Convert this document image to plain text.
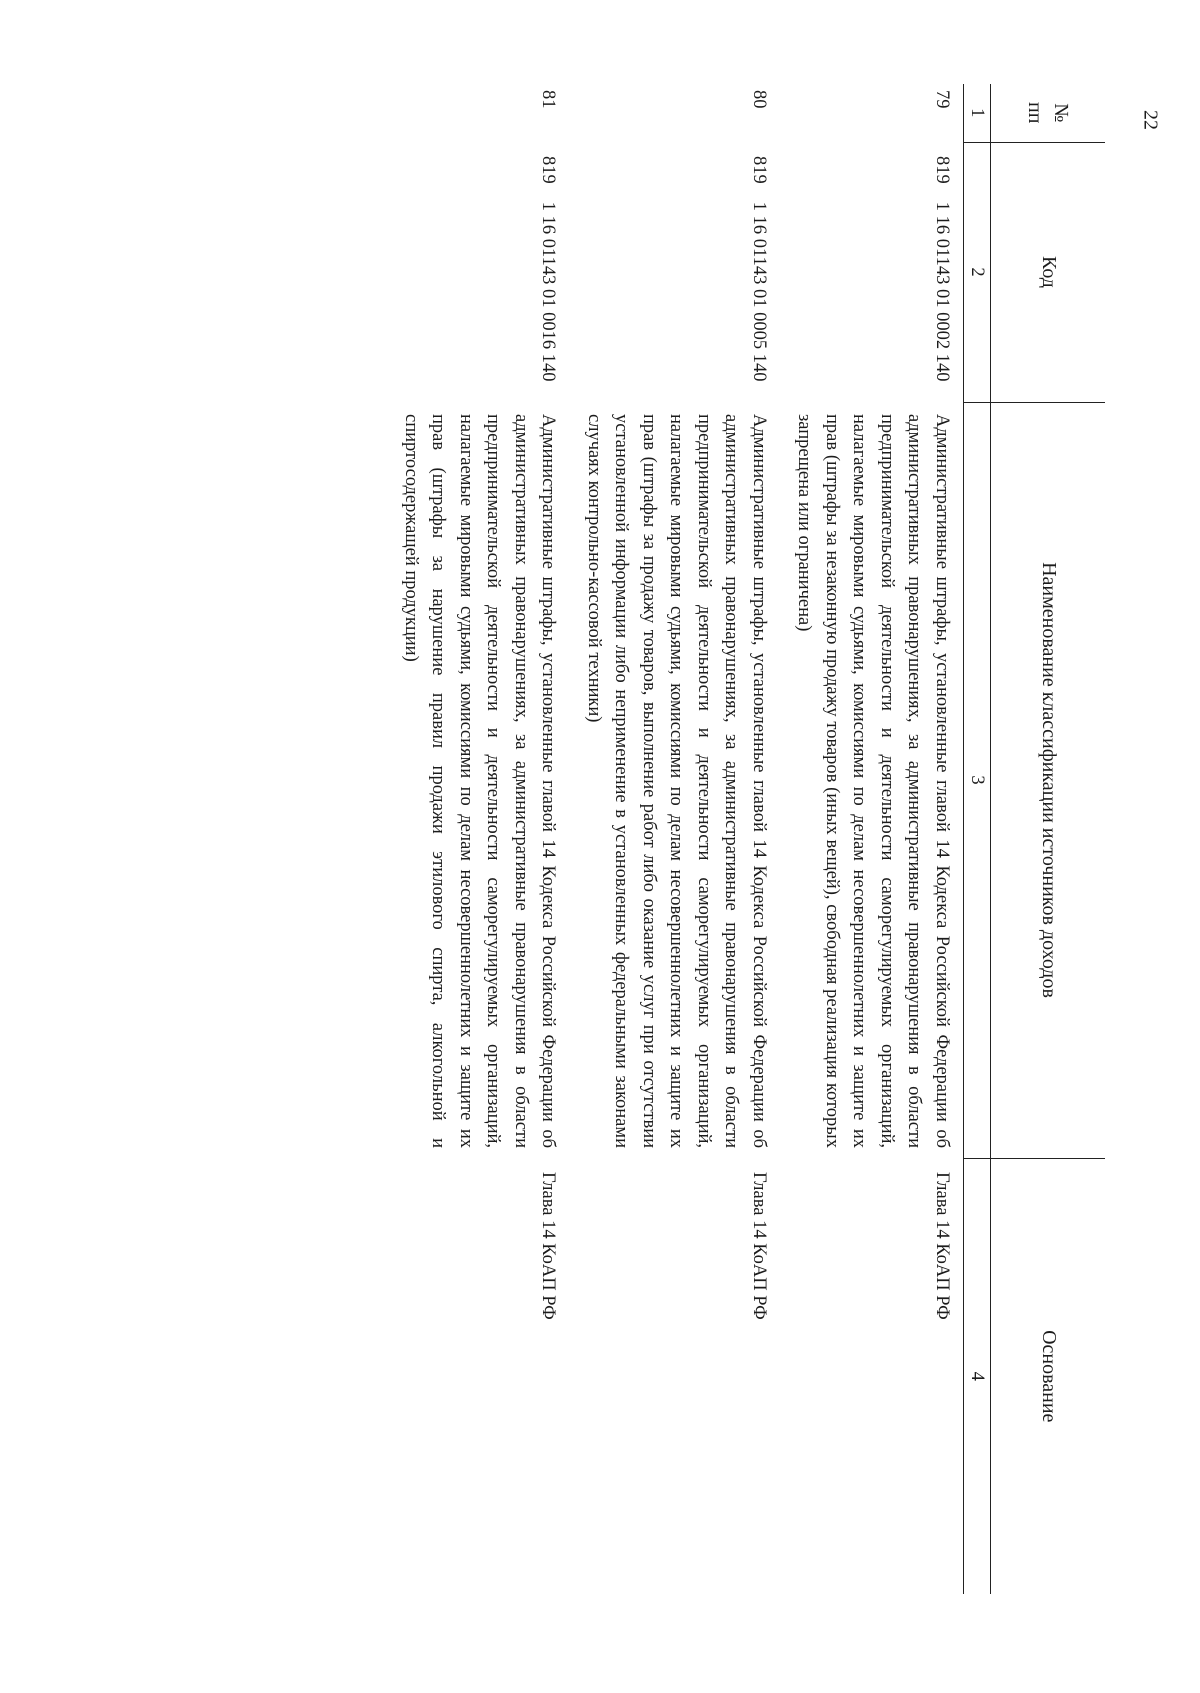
22
№
пп	Код	Наименование классификации источников доходов	Основание
1	2	3	4
79	8191 16 01143 01 0002 140	Административные штрафы, установленные главой 14 Кодекса Российской Федерации об административных правонарушениях, за административные правонарушения в области предпринимательской деятельности и деятельности саморегулируемых организаций, налагаемые мировыми судьями, комиссиями по делам несовершеннолетних и защите их прав (штрафы за незаконную продажу товаров (иных вещей), свободная реализация которых запрещена или ограничена)	Глава 14 КоАП РФ
80	8191 16 01143 01 0005 140	Административные штрафы, установленные главой 14 Кодекса Российской Федерации об административных правонарушениях, за административные правонарушения в области предпринимательской деятельности и деятельности саморегулируемых организаций, налагаемые мировыми судьями, комиссиями по делам несовершеннолетних и защите их прав (штрафы за продажу товаров, выполнение работ либо оказание услуг при отсутствии установленной информации либо неприменение в установленных федеральными законами случаях контрольно-кассовой техники)	Глава 14 КоАП РФ
81	8191 16 01143 01 0016 140	Административные штрафы, установленные главой 14 Кодекса Российской Федерации об административных правонарушениях, за административные правонарушения в области предпринимательской деятельности и деятельности саморегулируемых организаций, налагаемые мировыми судьями, комиссиями по делам несовершеннолетних и защите их прав (штрафы за нарушение правил продажи этилового спирта, алкогольной и спиртосодержащей продукции)	Глава 14 КоАП РФ
